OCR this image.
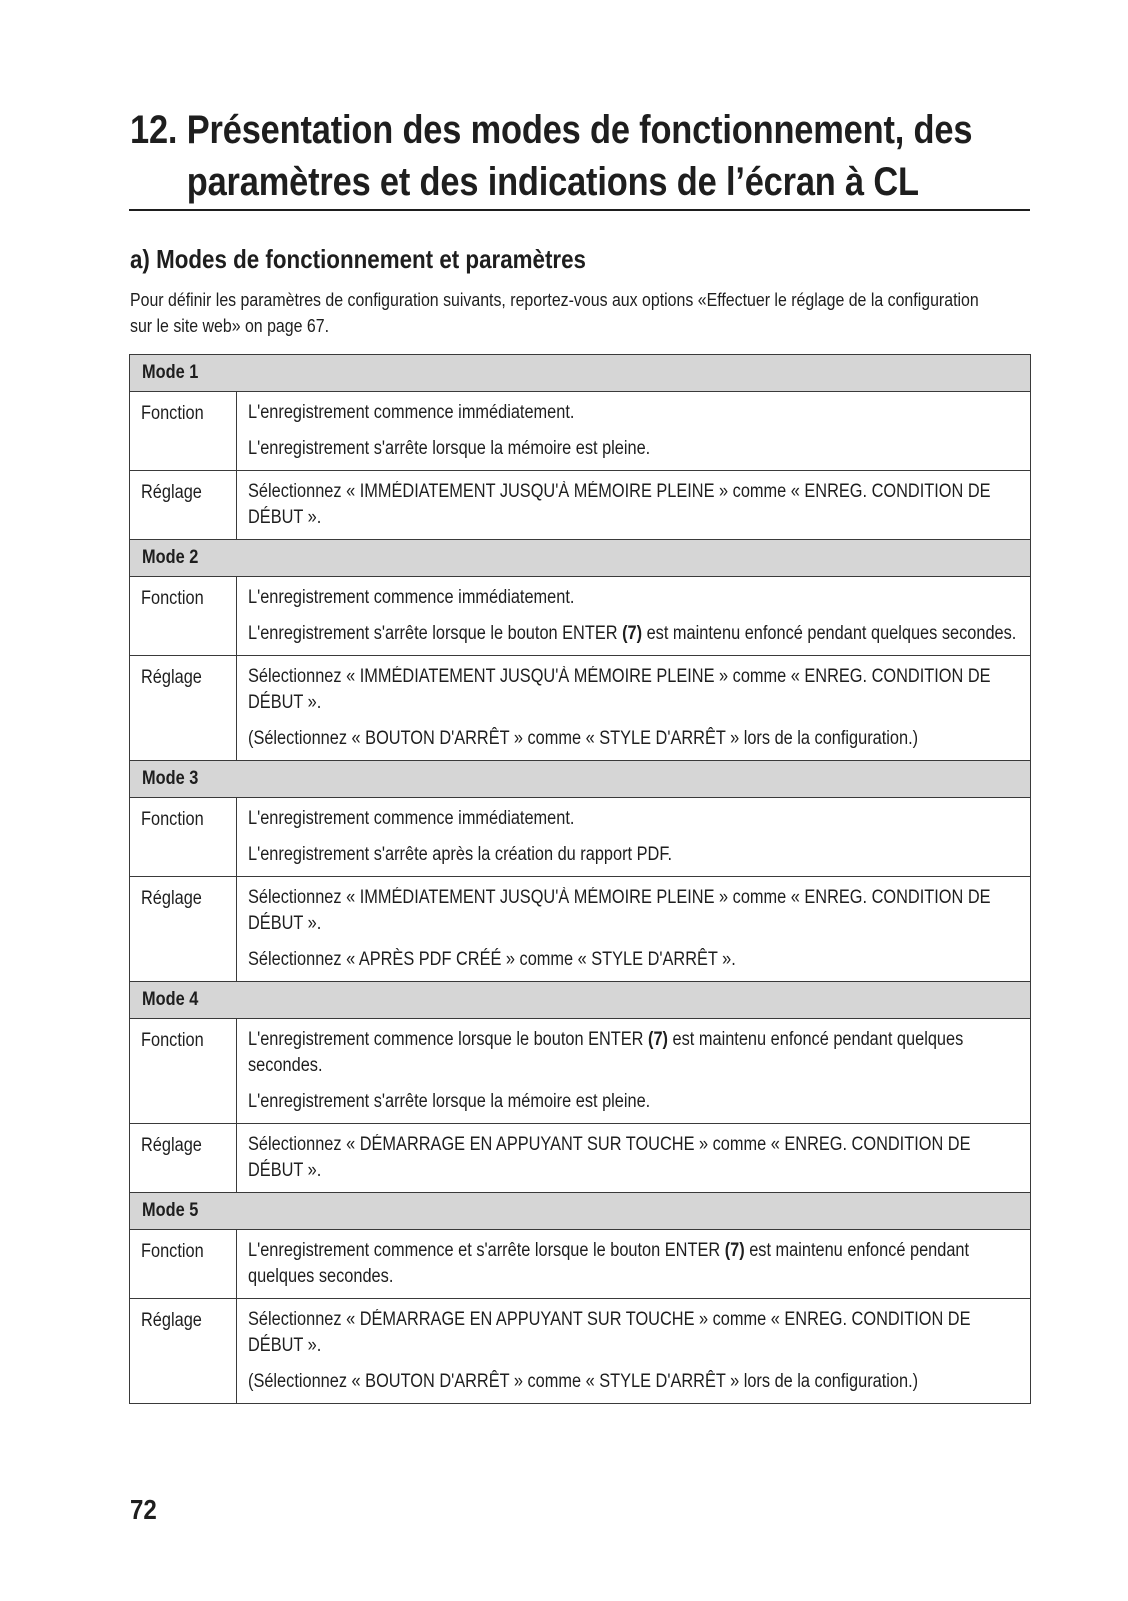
12. Présentation des modes de fonctionnement, des
paramètres et des indications de l’écran à CL
a) Modes de fonctionnement et paramètres
Pour définir les paramètres de configuration suivants, reportez-vous aux options «Effectuer le réglage de la configuration
sur le site web» on page 67.
Mode 1	
Fonction	L'enregistrement commence immédiatement.
L'enregistrement s'arrête lorsque la mémoire est pleine.

Réglage	Sélectionnez « IMMÉDIATEMENT JUSQU'À MÉMOIRE PLEINE » comme « ENREG. CONDITION DE DÉBUT ».

Mode 2	
Fonction	L'enregistrement commence immédiatement.
L'enregistrement s'arrête lorsque le bouton ENTER (7) est maintenu enfoncé pendant quelques secondes.

Réglage	Sélectionnez « IMMÉDIATEMENT JUSQU'À MÉMOIRE PLEINE » comme « ENREG. CONDITION DE DÉBUT ».
(Sélectionnez « BOUTON D'ARRÊT » comme « STYLE D'ARRÊT » lors de la configuration.)

Mode 3	
Fonction	L'enregistrement commence immédiatement.
L'enregistrement s'arrête après la création du rapport PDF.

Réglage	Sélectionnez « IMMÉDIATEMENT JUSQU'À MÉMOIRE PLEINE » comme « ENREG. CONDITION DE DÉBUT ».
Sélectionnez « APRÈS PDF CRÉÉ » comme « STYLE D'ARRÊT ».

Mode 4	
Fonction	L'enregistrement commence lorsque le bouton ENTER (7) est maintenu enfoncé pendant quelques secondes.
L'enregistrement s'arrête lorsque la mémoire est pleine.

Réglage	Sélectionnez « DÉMARRAGE EN APPUYANT SUR TOUCHE » comme « ENREG. CONDITION DE DÉBUT ».

Mode 5	
Fonction	L'enregistrement commence et s'arrête lorsque le bouton ENTER (7) est maintenu enfoncé pendant quelques secondes.

Réglage	Sélectionnez « DÉMARRAGE EN APPUYANT SUR TOUCHE » comme « ENREG. CONDITION DE DÉBUT ».
(Sélectionnez « BOUTON D'ARRÊT » comme « STYLE D'ARRÊT » lors de la configuration.)
72
